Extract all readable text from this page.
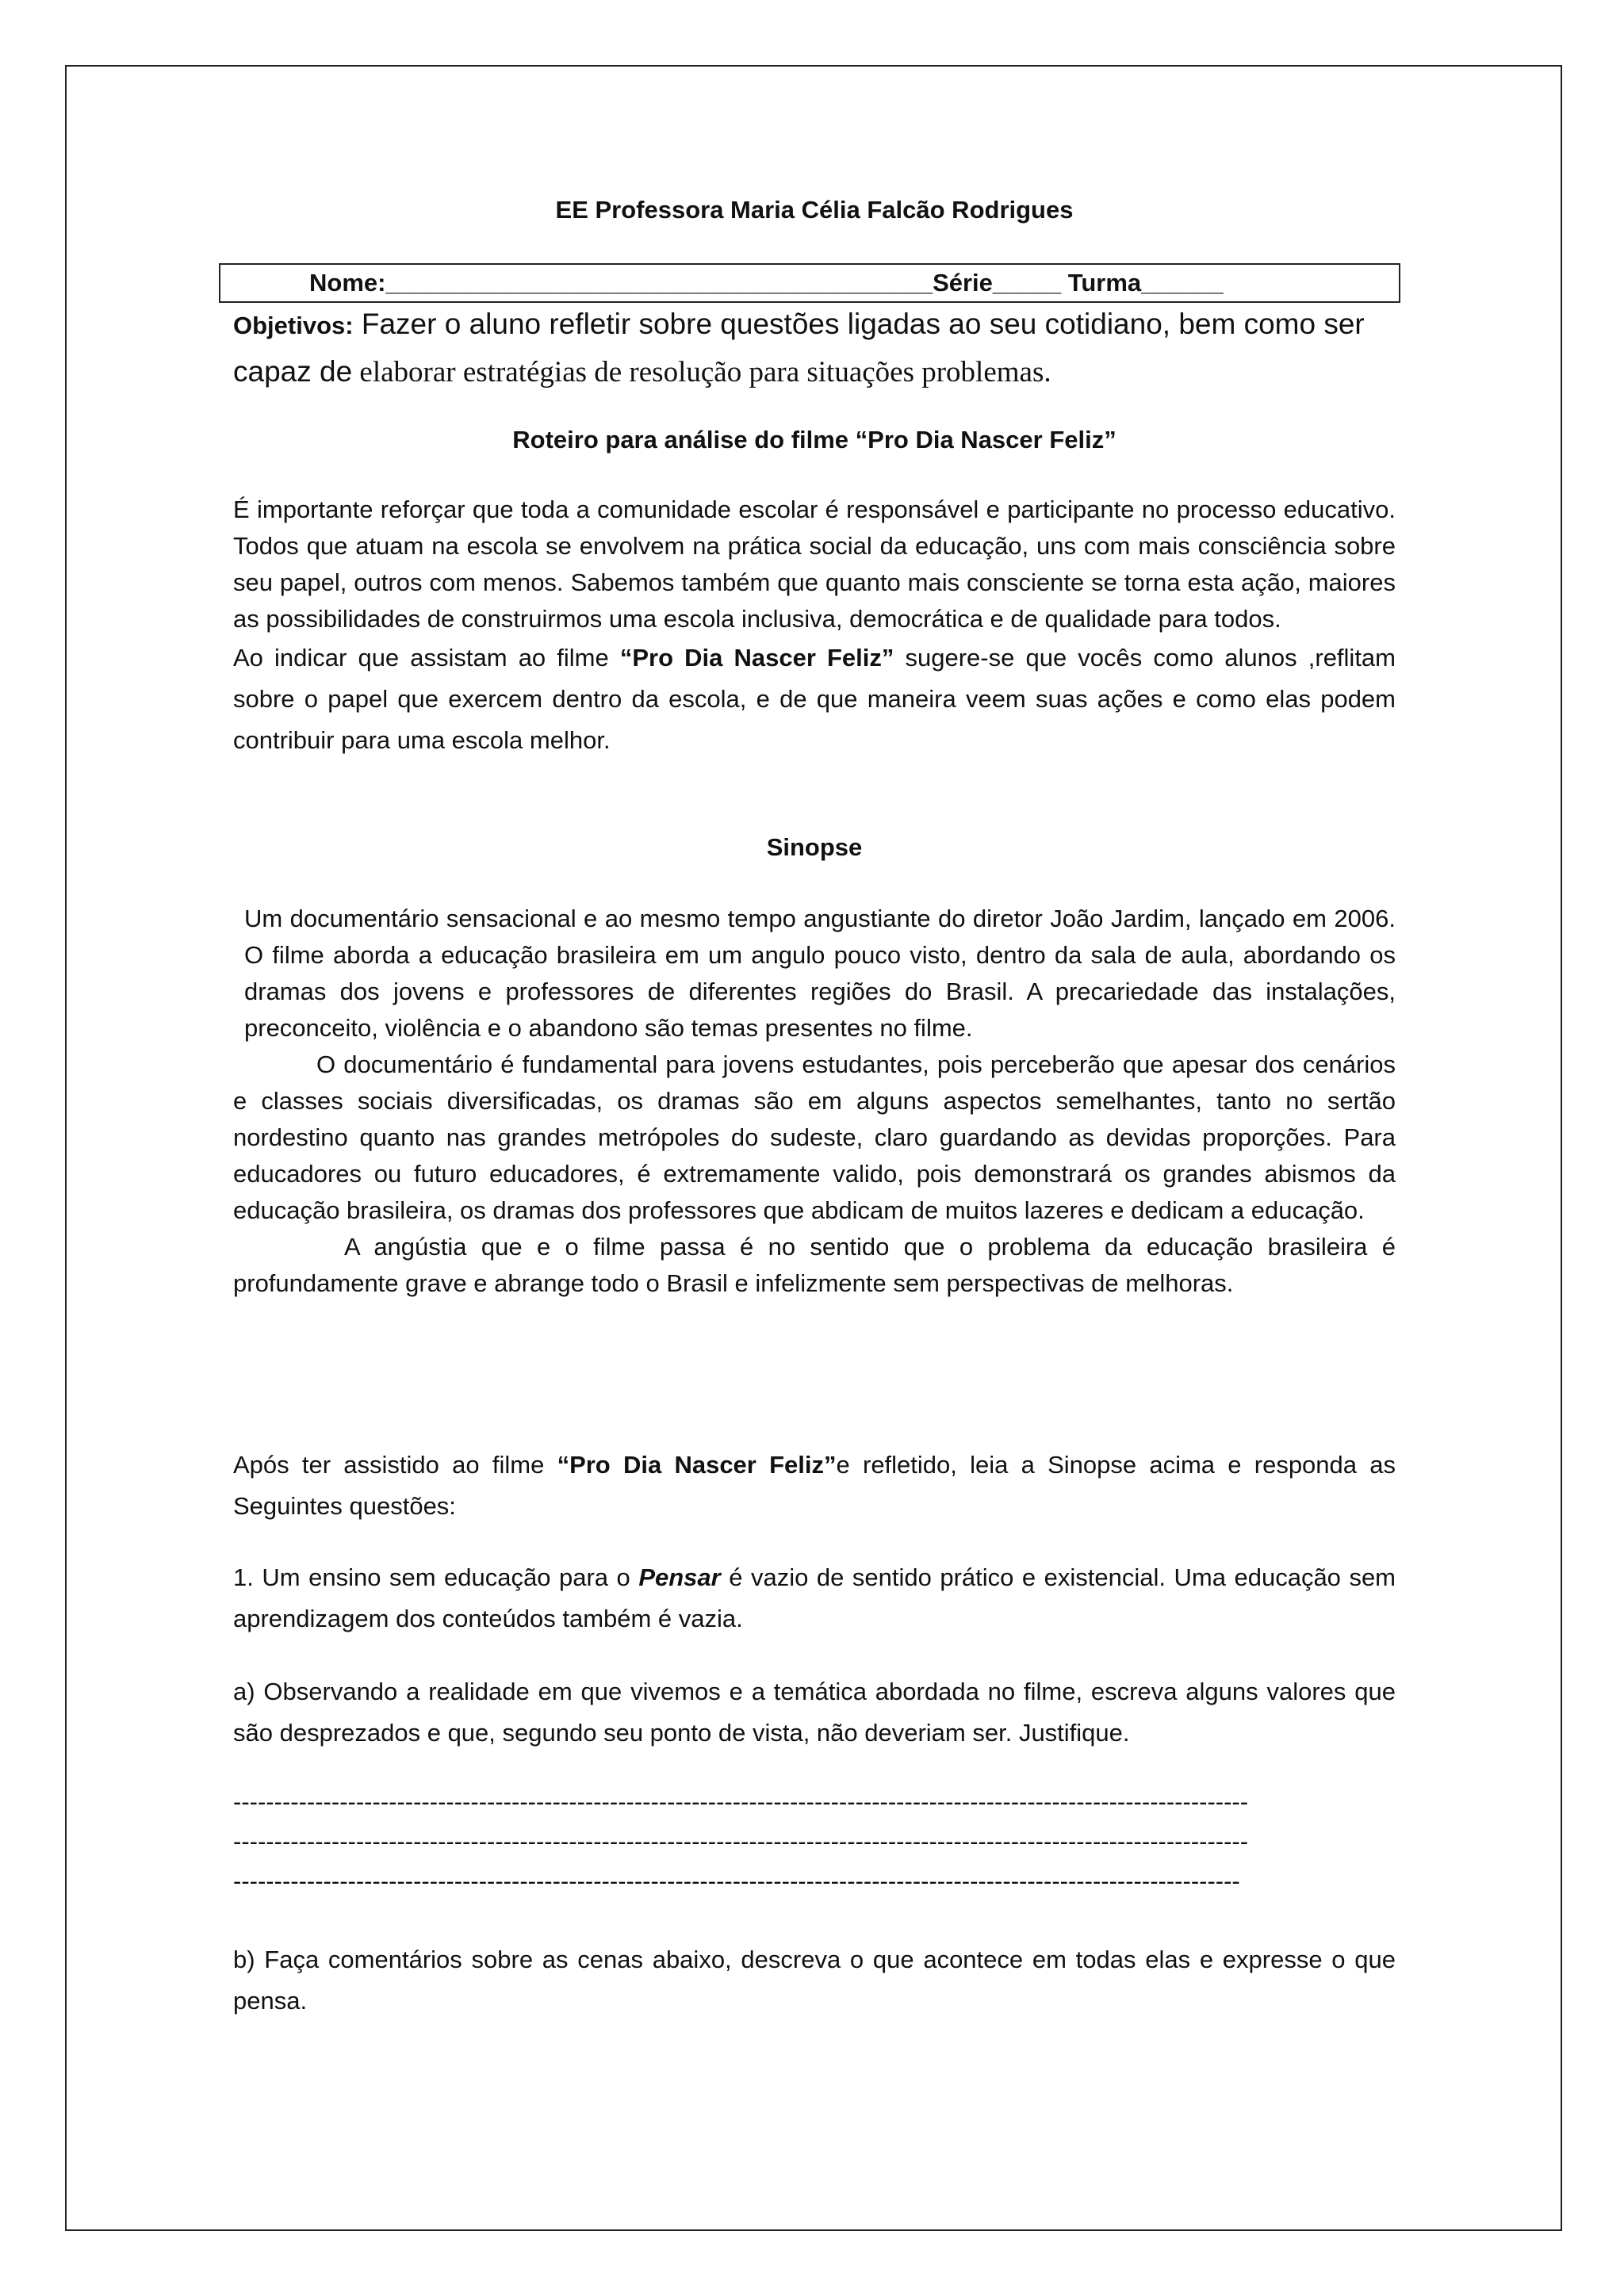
EE Professora Maria Célia Falcão Rodrigues
Nome:________________________________________Série_____ Turma______
Objetivos: Fazer o aluno refletir sobre questões ligadas ao seu cotidiano, bem como ser capaz de elaborar estratégias de resolução para situações problemas.
Roteiro para análise do filme “Pro Dia Nascer Feliz”

É importante reforçar que toda a comunidade escolar é responsável e participante no processo educativo. Todos que atuam na escola se envolvem na prática social da educação, uns com mais consciência sobre seu papel, outros com menos. Sabemos também que quanto mais consciente se torna esta ação, maiores as possibilidades de construirmos uma escola inclusiva, democrática e de qualidade para todos.

Ao indicar que assistam ao filme “Pro Dia Nascer Feliz” sugere-se que vocês como alunos ,reflitam sobre o papel que exercem dentro da escola, e de que maneira veem suas ações e como elas podem contribuir para uma escola melhor.

Sinopse

Um documentário sensacional e ao mesmo tempo angustiante do diretor João Jardim, lançado em 2006. O filme aborda a educação brasileira em um angulo pouco visto, dentro da sala de aula, abordando os dramas dos jovens e professores de diferentes regiões do Brasil. A precariedade das instalações, preconceito, violência e o abandono são temas presentes no filme.

O documentário é fundamental para jovens estudantes, pois perceberão que apesar dos cenários e classes sociais diversificadas, os dramas são em alguns aspectos semelhantes, tanto no sertão nordestino quanto nas grandes metrópoles do sudeste, claro guardando as devidas proporções. Para educadores ou futuro educadores, é extremamente valido, pois demonstrará os grandes abismos da educação brasileira, os dramas dos professores que abdicam de muitos lazeres e dedicam a educação.

A angústia que e o filme passa é no sentido que o problema da educação brasileira é profundamente grave e abrange todo o Brasil e infelizmente sem perspectivas de melhoras.

Após ter assistido ao filme “Pro Dia Nascer Feliz”e refletido, leia a Sinopse acima e responda as Seguintes questões:
1. Um ensino sem educação para o Pensar é vazio de sentido prático e existencial. Uma educação sem aprendizagem dos conteúdos também é vazia.
a) Observando a realidade em que vivemos e a temática abordada no filme, escreva alguns valores que são desprezados e que, segundo seu ponto de vista, não deveriam ser. Justifique.
----------------------------------------------------------------------------------------------------------------------------
----------------------------------------------------------------------------------------------------------------------------
---------------------------------------------------------------------------------------------------------------------------
b) Faça comentários sobre as cenas abaixo, descreva o que acontece em todas elas e expresse o que pensa.
